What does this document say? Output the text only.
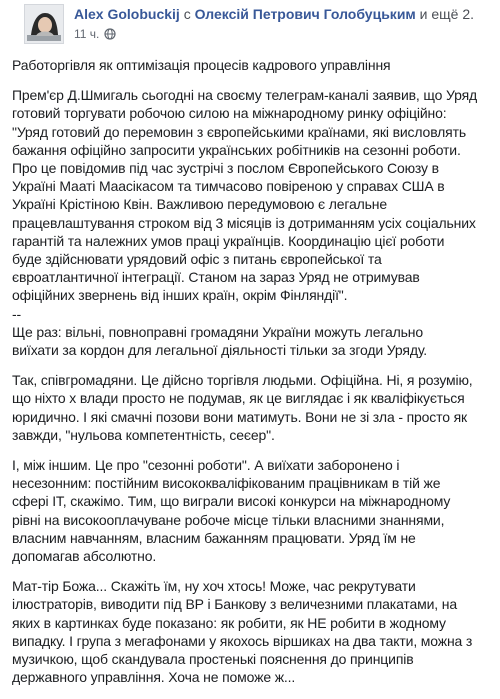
Alex Golobuckij с Олексій Петрович Голобуцьким и ещё 2.
11 ч.

Работоргівля як оптимізація процесів кадрового управління

Прем'єр Д.Шмигаль сьогодні на своєму телеграм-каналі заявив, що Уряд
готовий торгувати робочою силою на міжнародному ринку офіційно:
"Уряд готовий до перемовин з європейськими країнами, які висловлять
бажання офіційно запросити українських робітників на сезонні роботи.
Про це повідомив під час зустрічі з послом Європейського Союзу в
Україні Мааті Маасікасом та тимчасово повіреною у справах США в
Україні Крістіною Квін. Важливою передумовою є легальне
працевлаштування строком від 3 місяців із дотриманням усіх соціальних
гарантій та належних умов праці українців. Координацію цієї роботи
буде здійснювати урядовий офіс з питань європейської та
євроатлантичної інтеграції. Станом на зараз Уряд не отримував
офіційних звернень від інших країн, окрім Фінляндії".
--
Ще раз: вільні, повноправні громадяни України можуть легально
виїхати за кордон для легальної діяльності тільки за згоди Уряду.

Так, співгромадяни. Це дійсно торгівля людьми. Офіційна. Ні, я розумію,
що ніхто х влади просто не подумав, як це виглядає і як кваліфікується
юридично. І які смачні позови вони матимуть. Вони не зі зла - просто як
завжди, "нульова компетентність, сеєер".

І, між іншим. Це про "сезонні роботи". А виїхати заборонено і
несезонним: постійним висококваліфікованим працівникам в тій же
сфері IT, скажімо. Тим, що виграли високі конкурси на міжнародному
рівні на високооплачуване робоче місце тільки власними знаннями,
власним навчанням, власним бажанням працювати. Уряд їм не
допомагав абсолютно.

Мат-тір Божа... Скажіть їм, ну хоч хтось! Може, час рекрутувати
ілюстраторів, виводити під ВР і Банкову з величезними плакатами, на
яких в картинках буде показано: як робити, як НЕ робити в жодному
випадку. І група з мегафонами у якохось віршиках на два такти, можна з
музичкою, щоб скандувала простенькі пояснення до принципів
державного управління. Хоча не поможе ж...
